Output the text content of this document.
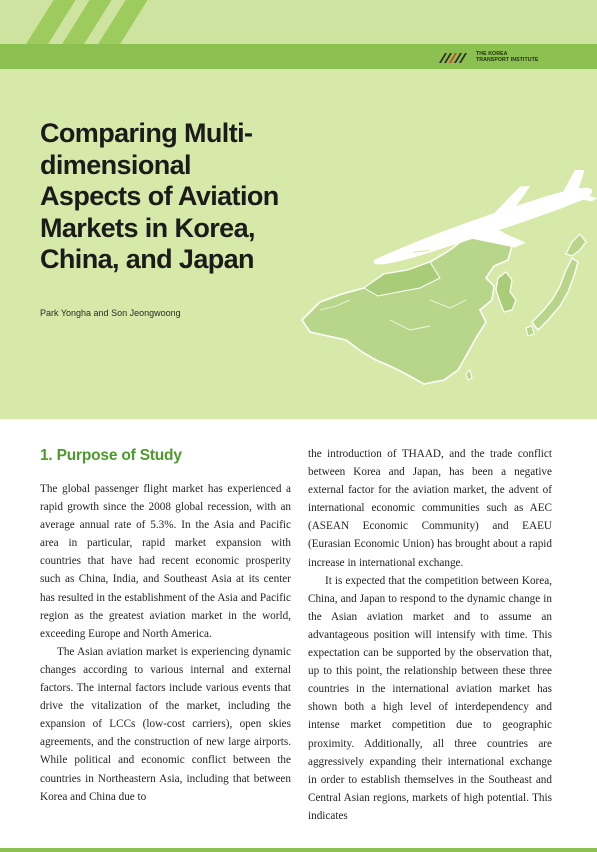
THE KOREA
TRANSPORT INSTITUTE
Comparing Multi-
dimensional
Aspects of Aviation
Markets in Korea,
China, and Japan
Park Yongha and Son Jeongwoong
1. Purpose of Study

The global passenger flight market has experienced a rapid growth since the 2008 global recession, with an average annual rate of 5.3%. In the Asia and Pacific area in particular, rapid market expansion with countries that have had recent economic prosperity such as China, India, and Southeast Asia at its center has resulted in the establishment of the Asia and Pacific region as the greatest aviation market in the world, exceeding Europe and North America.

The Asian aviation market is experiencing dynamic changes according to various internal and external factors. The internal factors include various events that drive the vitalization of the market, including the expansion of LCCs (low-cost carriers), open skies agreements, and the construction of new large airports. While political and economic conflict between the countries in Northeastern Asia, including that between Korea and China due to

the introduction of THAAD, and the trade conflict between Korea and Japan, has been a negative external factor for the aviation market, the advent of international economic communities such as AEC (ASEAN Economic Community) and EAEU (Eurasian Economic Union) has brought about a rapid increase in international exchange.

It is expected that the competition between Korea, China, and Japan to respond to the dynamic change in the Asian aviation market and to assume an advantageous position will intensify with time. This expectation can be supported by the observation that, up to this point, the relationship between these three countries in the international aviation market has shown both a high level of interdependency and intense market competition due to geographic proximity. Additionally, all three countries are aggressively expanding their international exchange in order to establish themselves in the Southeast and Central Asian regions, markets of high potential. This indicates
